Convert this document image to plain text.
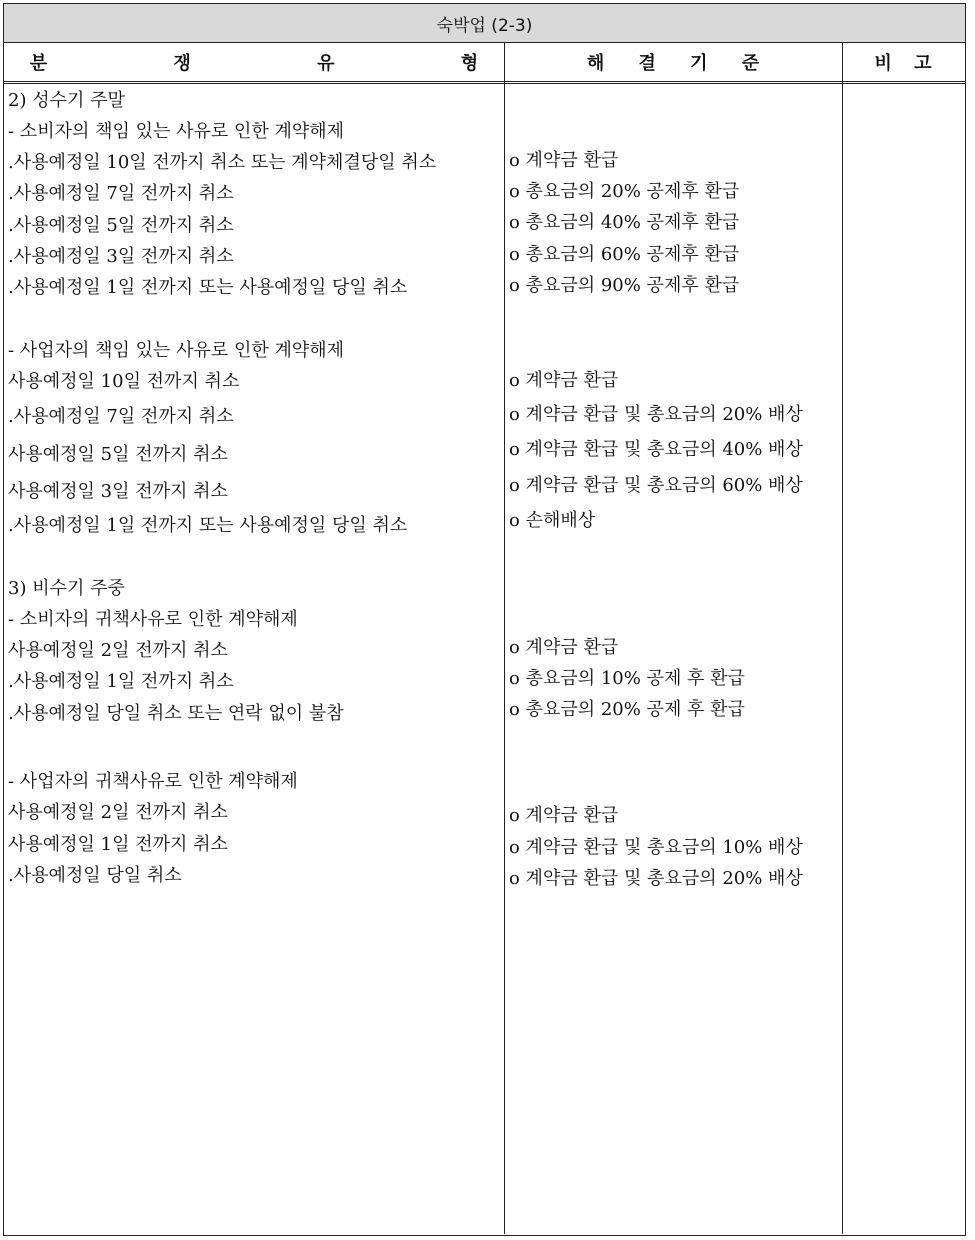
숙박업 (2-3)
분 쟁 유 형	해 결 기 준	비 고
2) 성수기 주말
- 소비자의 책임 있는 사유로 인한 계약해제
.사용예정일 10일 전까지 취소 또는 계약체결당일 취소
.사용예정일 7일 전까지 취소
.사용예정일 5일 전까지 취소
.사용예정일 3일 전까지 취소
.사용예정일 1일 전까지 또는 사용예정일 당일 취소
- 사업자의 책임 있는 사유로 인한 계약해제
사용예정일 10일 전까지 취소
.사용예정일 7일 전까지 취소
사용예정일 5일 전까지 취소
사용예정일 3일 전까지 취소
.사용예정일 1일 전까지 또는 사용예정일 당일 취소
3) 비수기 주중
- 소비자의 귀책사유로 인한 계약해제
사용예정일 2일 전까지 취소
.사용예정일 1일 전까지 취소
.사용예정일 당일 취소 또는 연락 없이 불참
- 사업자의 귀책사유로 인한 계약해제
사용예정일 2일 전까지 취소
사용예정일 1일 전까지 취소
.사용예정일 당일 취소
o 계약금 환급
o 총요금의 20% 공제후 환급
o 총요금의 40% 공제후 환급
o 총요금의 60% 공제후 환급
o 총요금의 90% 공제후 환급
o 계약금 환급
o 계약금 환급 및 총요금의 20% 배상
o 계약금 환급 및 총요금의 40% 배상
o 계약금 환급 및 총요금의 60% 배상
o 손해배상
o 계약금 환급
o 총요금의 10% 공제 후 환급
o 총요금의 20% 공제 후 환급
o 계약금 환급
o 계약금 환급 및 총요금의 10% 배상
o 계약금 환급 및 총요금의 20% 배상
